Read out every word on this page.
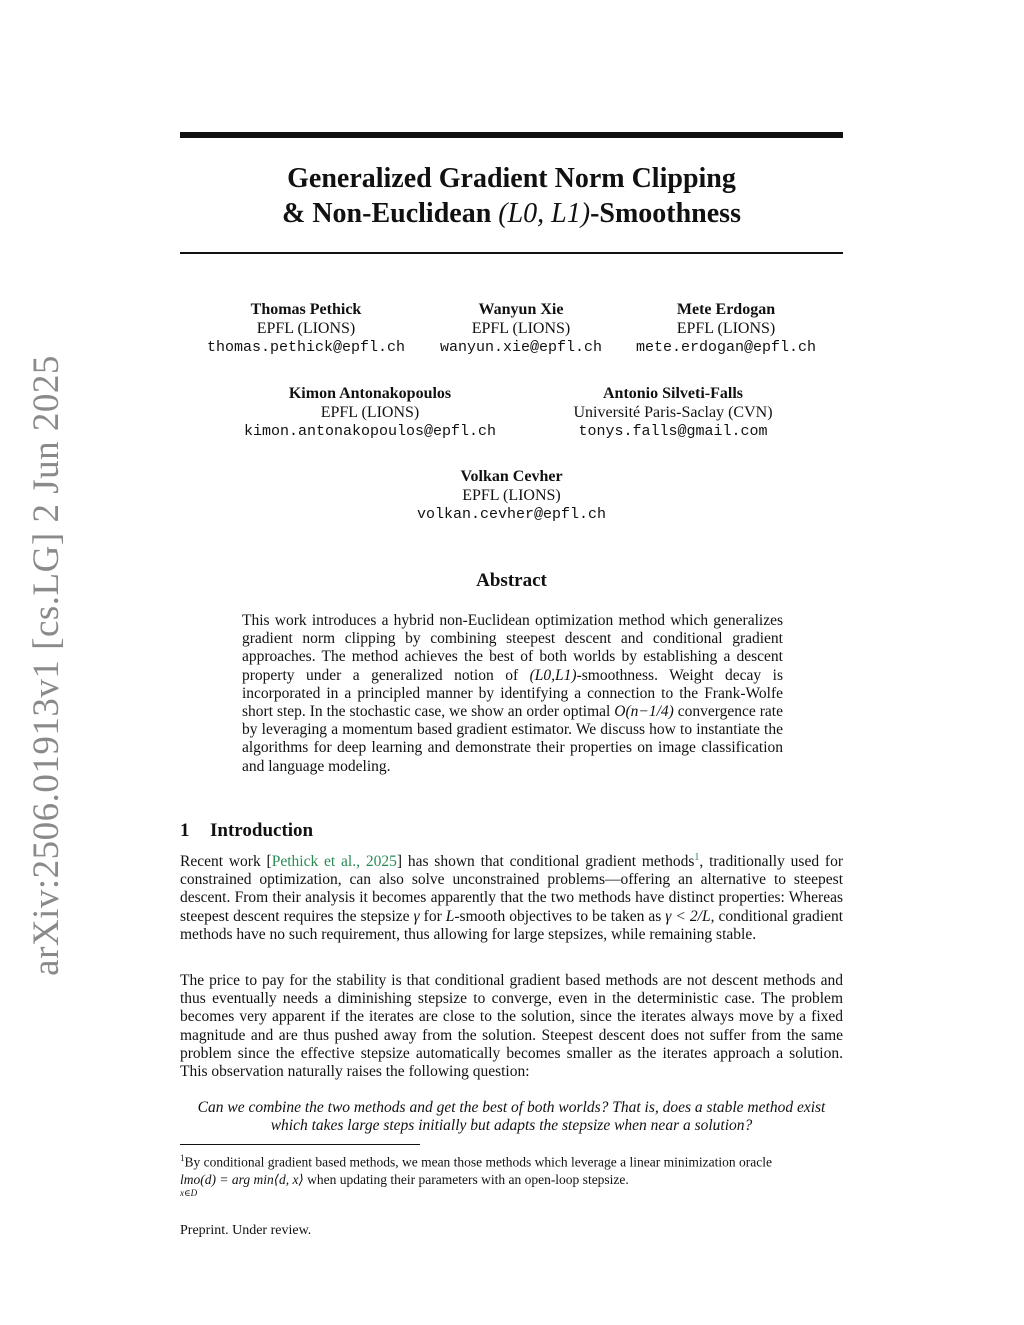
arXiv:2506.01913v1 [cs.LG] 2 Jun 2025
Generalized Gradient Norm Clipping
& Non-Euclidean (L0, L1)-Smoothness
Thomas Pethick
EPFL (LIONS)
thomas.pethick@epfl.ch
Wanyun Xie
EPFL (LIONS)
wanyun.xie@epfl.ch
Mete Erdogan
EPFL (LIONS)
mete.erdogan@epfl.ch
Kimon Antonakopoulos
EPFL (LIONS)
kimon.antonakopoulos@epfl.ch
Antonio Silveti-Falls
Université Paris-Saclay (CVN)
tonys.falls@gmail.com
Volkan Cevher
EPFL (LIONS)
volkan.cevher@epfl.ch
Abstract
This work introduces a hybrid non-Euclidean optimization method which generalizes gradient norm clipping by combining steepest descent and conditional gradient approaches. The method achieves the best of both worlds by establishing a descent property under a generalized notion of (L0,L1)-smoothness. Weight decay is incorporated in a principled manner by identifying a connection to the Frank-Wolfe short step. In the stochastic case, we show an order optimal O(n−1/4) convergence rate by leveraging a momentum based gradient estimator. We discuss how to instantiate the algorithms for deep learning and demonstrate their properties on image classification and language modeling.
1 Introduction
Recent work [Pethick et al., 2025] has shown that conditional gradient methods$^1$, traditionally used for constrained optimization, can also solve unconstrained problems—offering an alternative to steepest descent. From their analysis it becomes apparently that the two methods have distinct properties: Whereas steepest descent requires the stepsize γ for L-smooth objectives to be taken as γ < 2/L, conditional gradient methods have no such requirement, thus allowing for large stepsizes, while remaining stable.
The price to pay for the stability is that conditional gradient based methods are not descent methods and thus eventually needs a diminishing stepsize to converge, even in the deterministic case. The problem becomes very apparent if the iterates are close to the solution, since the iterates always move by a fixed magnitude and are thus pushed away from the solution. Steepest descent does not suffer from the same problem since the effective stepsize automatically becomes smaller as the iterates approach a solution. This observation naturally raises the following question:
Can we combine the two methods and get the best of both worlds? That is, does a stable method exist which takes large steps initially but adapts the stepsize when near a solution?
$^1$By conditional gradient based methods, we mean those methods which leverage a linear minimization oracle lmo(d) = arg min⟨d, x⟩
x∈D
when updating their parameters with an open-loop stepsize.
Preprint. Under review.
